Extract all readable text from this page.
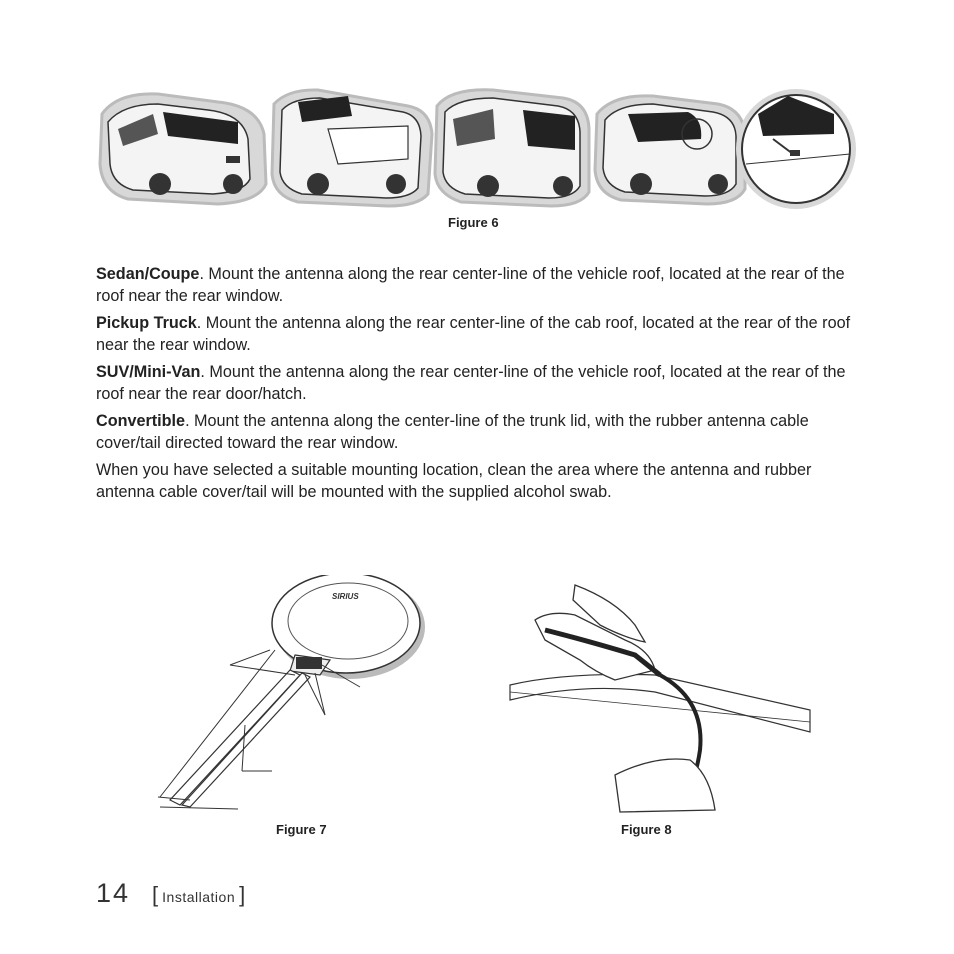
Figure 6

Sedan/Coupe. Mount the antenna along the rear center-line of the vehicle roof, located at the rear of the roof near the rear window.

Pickup Truck. Mount the antenna along the rear center-line of the cab roof, located at the rear of the roof near the rear window.

SUV/Mini-Van. Mount the antenna along the rear center-line of the vehicle roof, located at the rear of the roof near the rear door/hatch.

Convertible. Mount the antenna along the center-line of the trunk lid, with the rubber antenna cable cover/tail directed toward the rear window.

When you have selected a suitable mounting location, clean the area where the antenna and rubber antenna cable cover/tail will be mounted with the supplied alcohol swab.

SIRIUS
Figure 7	Figure 8
14 [ Installation ]
